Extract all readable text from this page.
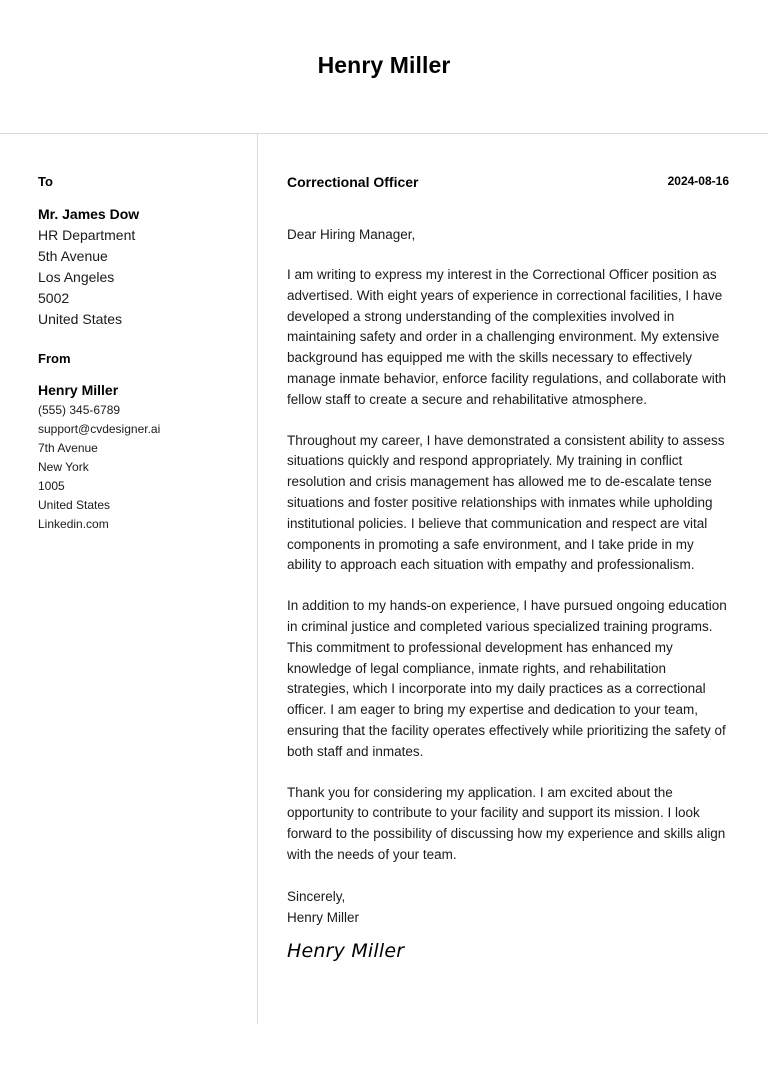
Henry Miller
To
Mr. James Dow
HR Department
5th Avenue
Los Angeles
5002
United States
From
Henry Miller
(555) 345-6789
support@cvdesigner.ai
7th Avenue
New York
1005
United States
Linkedin.com
Correctional Officer	2024-08-16
Dear Hiring Manager,
I am writing to express my interest in the Correctional Officer position as advertised. With eight years of experience in correctional facilities, I have developed a strong understanding of the complexities involved in maintaining safety and order in a challenging environment. My extensive background has equipped me with the skills necessary to effectively manage inmate behavior, enforce facility regulations, and collaborate with fellow staff to create a secure and rehabilitative atmosphere.
Throughout my career, I have demonstrated a consistent ability to assess situations quickly and respond appropriately. My training in conflict resolution and crisis management has allowed me to de-escalate tense situations and foster positive relationships with inmates while upholding institutional policies. I believe that communication and respect are vital components in promoting a safe environment, and I take pride in my ability to approach each situation with empathy and professionalism.
In addition to my hands-on experience, I have pursued ongoing education in criminal justice and completed various specialized training programs. This commitment to professional development has enhanced my knowledge of legal compliance, inmate rights, and rehabilitation strategies, which I incorporate into my daily practices as a correctional officer. I am eager to bring my expertise and dedication to your team, ensuring that the facility operates effectively while prioritizing the safety of both staff and inmates.
Thank you for considering my application. I am excited about the opportunity to contribute to your facility and support its mission. I look forward to the possibility of discussing how my experience and skills align with the needs of your team.
Sincerely,
Henry Miller
Henry Miller
